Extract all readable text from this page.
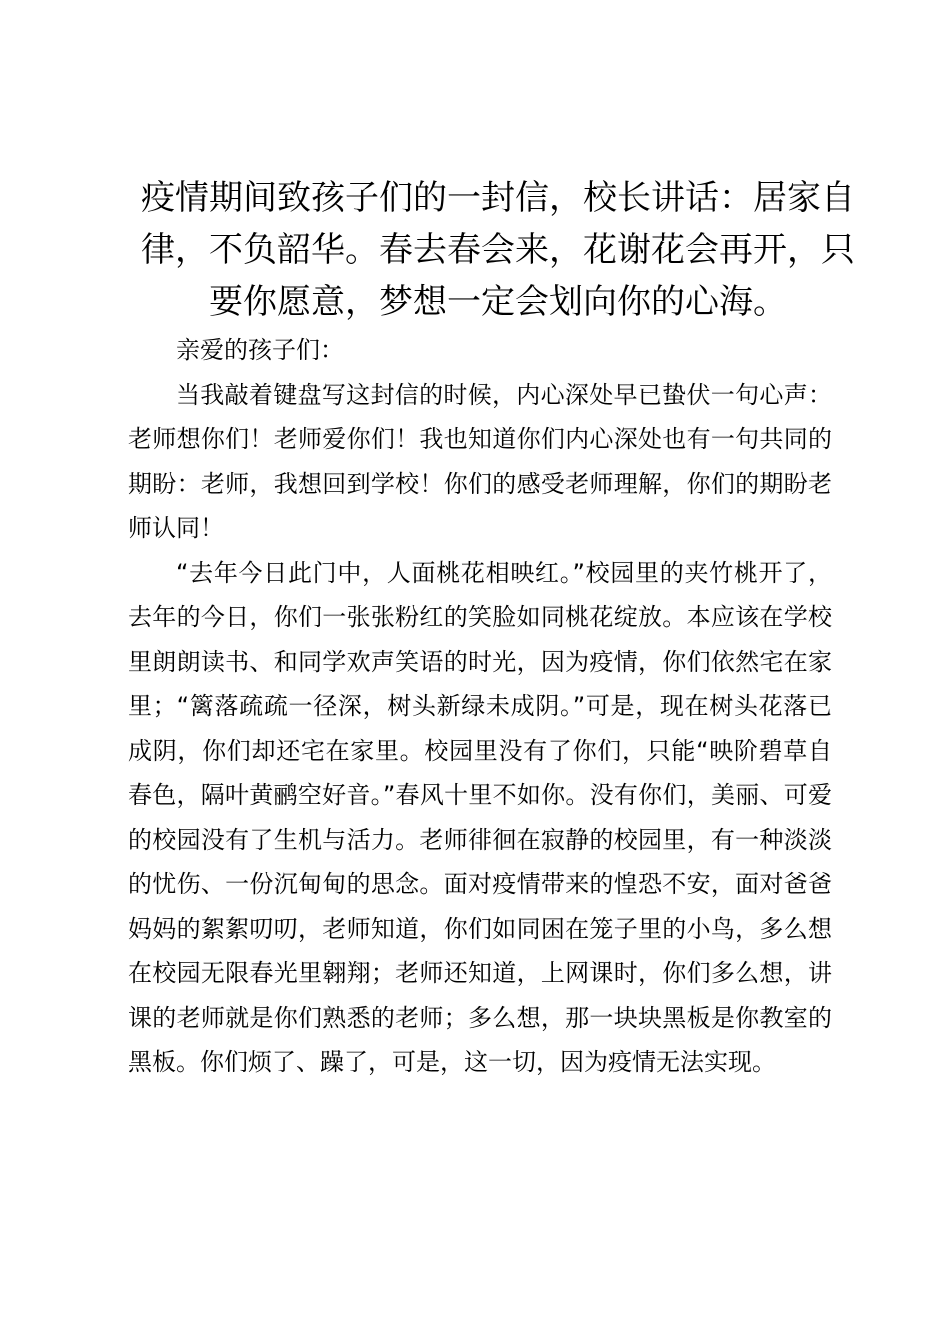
疫情期间致孩子们的一封信，校长讲话：居家自律，不负韶华。春去春会来，花谢花会再开，只要你愿意，梦想一定会划向你的心海。

亲爱的孩子们：

当我敲着键盘写这封信的时候，内心深处早已蛰伏一句心声：老师想你们！老师爱你们！我也知道你们内心深处也有一句共同的期盼：老师，我想回到学校！你们的感受老师理解，你们的期盼老师认同！

“去年今日此门中，人面桃花相映红。”校园里的夹竹桃开了，去年的今日，你们一张张粉红的笑脸如同桃花绽放。本应该在学校里朗朗读书、和同学欢声笑语的时光，因为疫情，你们依然宅在家里；“篱落疏疏一径深，树头新绿未成阴。”可是，现在树头花落已成阴，你们却还宅在家里。校园里没有了你们，只能“映阶碧草自春色，隔叶黄鹂空好音。”春风十里不如你。没有你们，美丽、可爱的校园没有了生机与活力。老师徘徊在寂静的校园里，有一种淡淡的忧伤、一份沉甸甸的思念。面对疫情带来的惶恐不安，面对爸爸妈妈的絮絮叨叨，老师知道，你们如同困在笼子里的小鸟，多么想在校园无限春光里翱翔；老师还知道，上网课时，你们多么想，讲课的老师就是你们熟悉的老师；多么想，那一块块黑板是你教室的黑板。你们烦了、躁了，可是，这一切，因为疫情无法实现。
